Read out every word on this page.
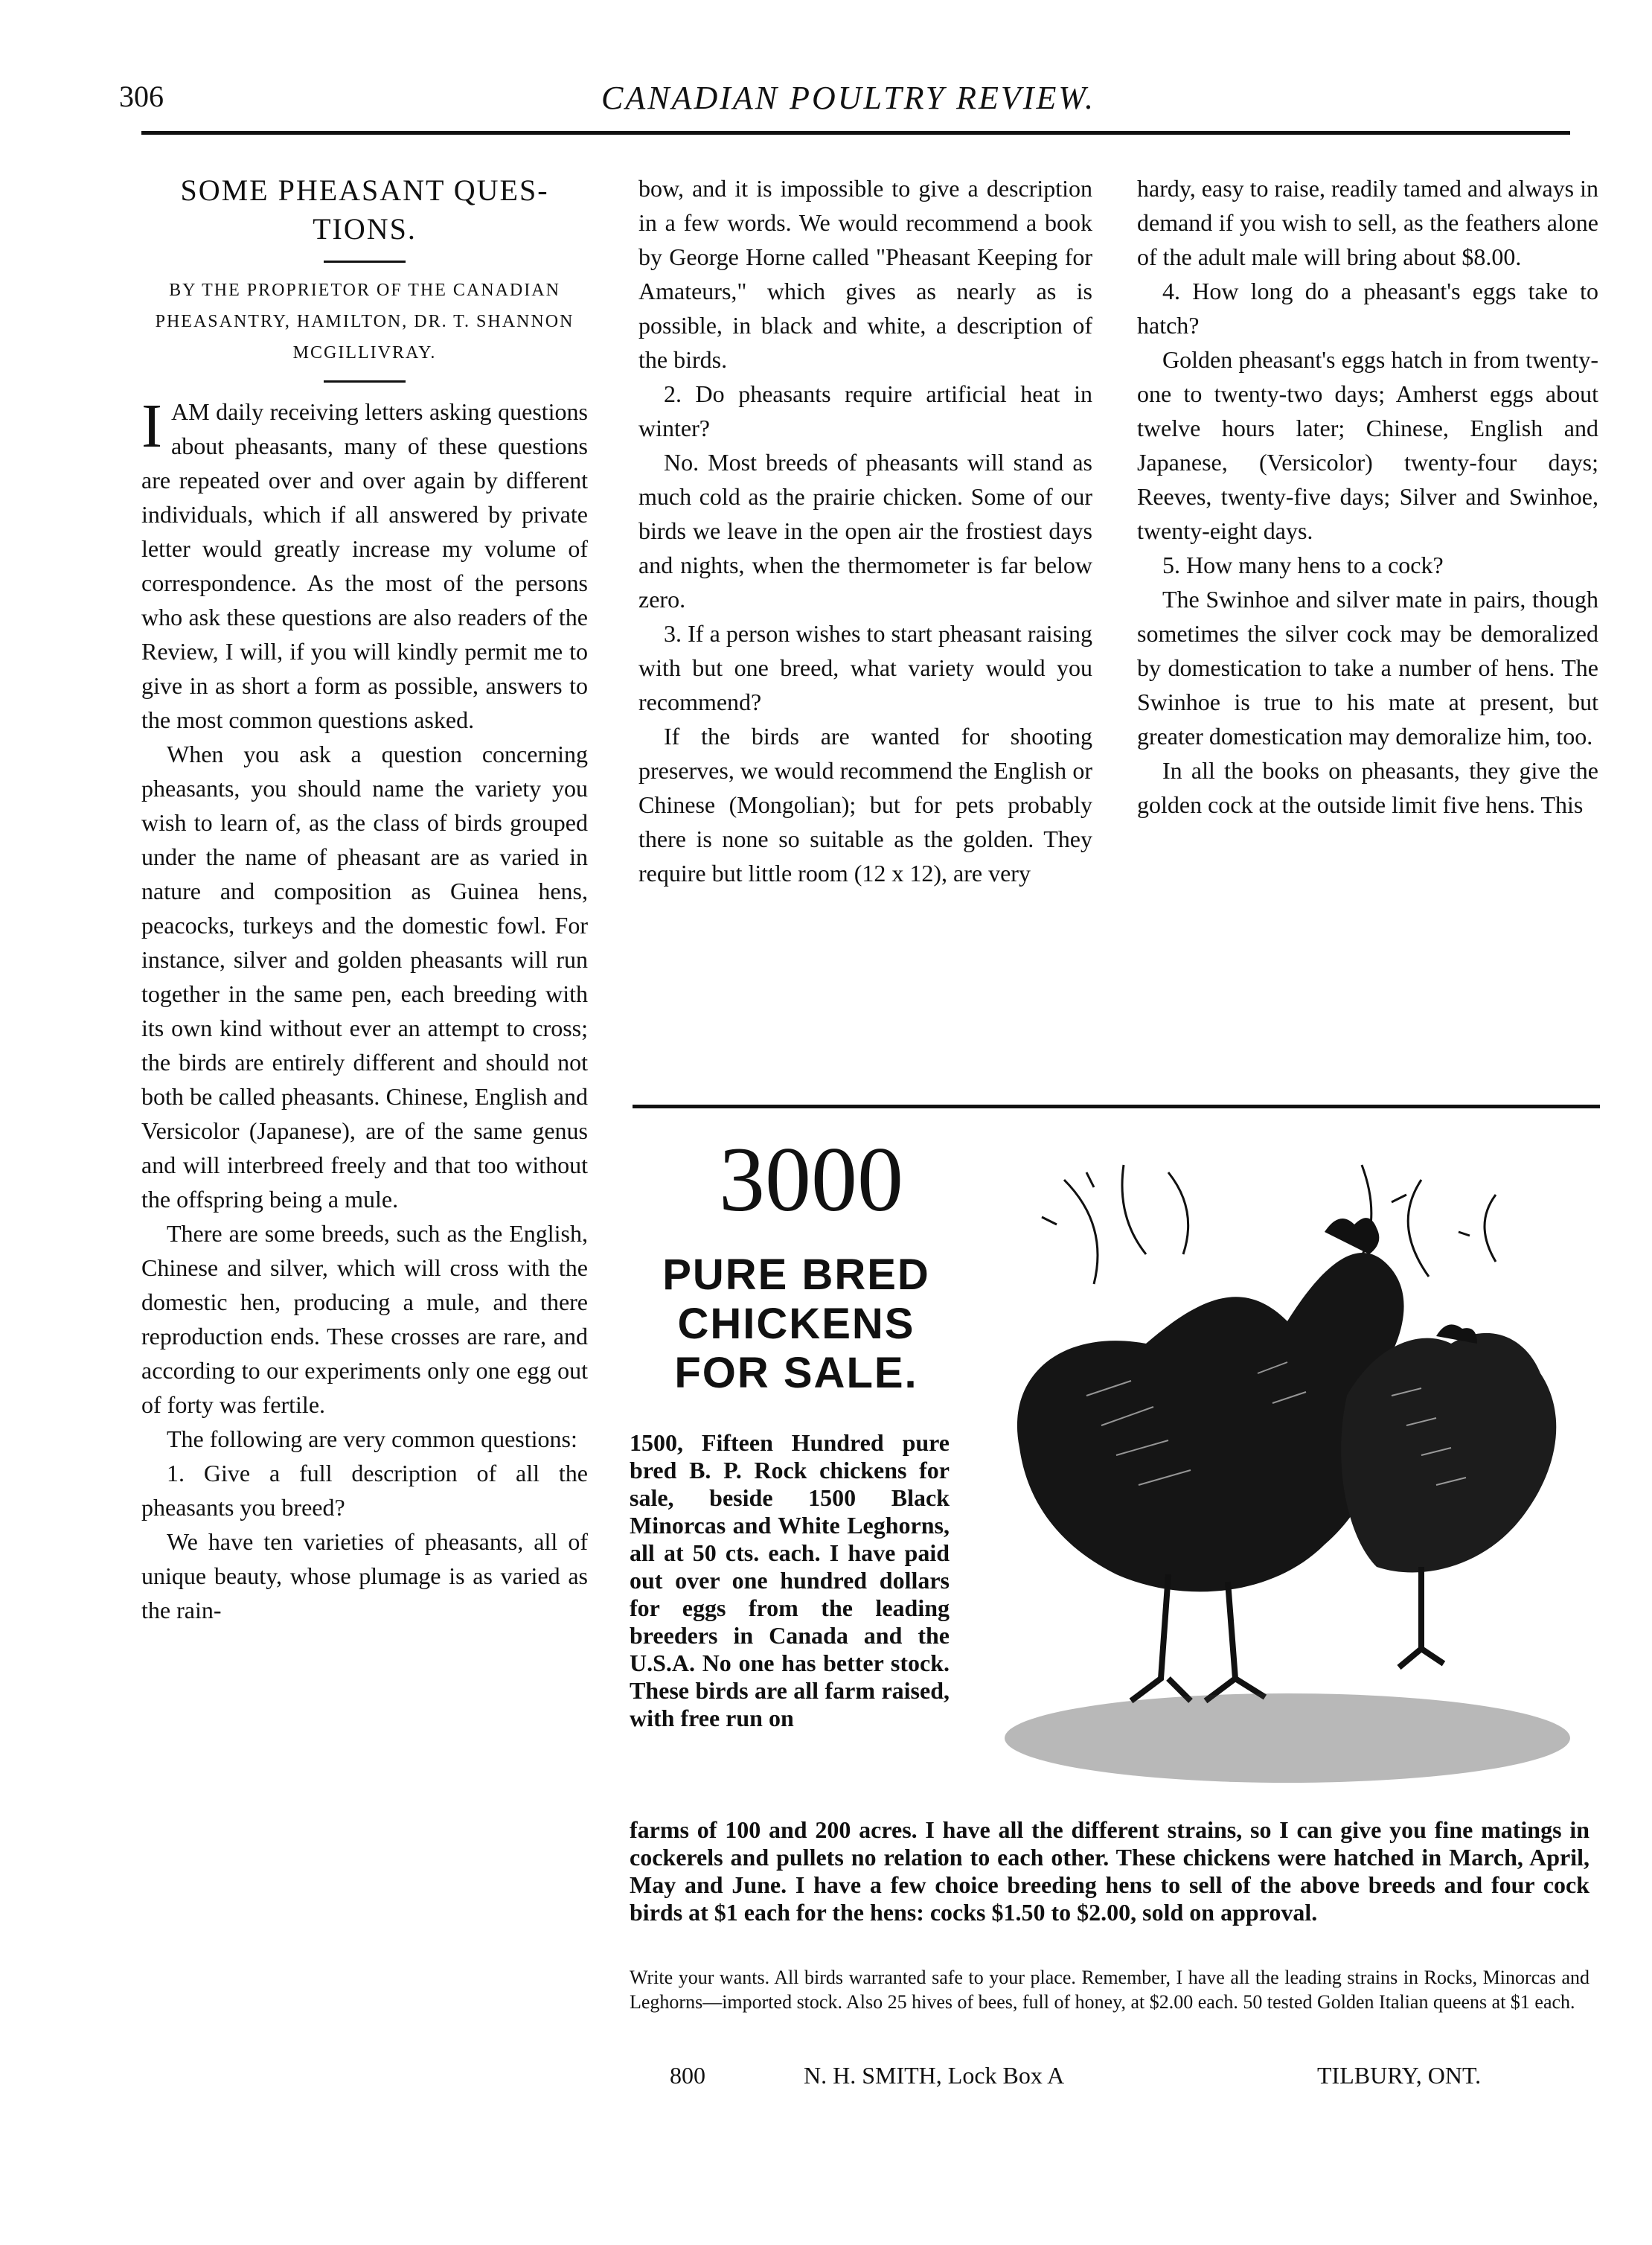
306	CANADIAN POULTRY REVIEW.
SOME PHEASANT QUES-TIONS.
BY THE PROPRIETOR OF THE CANADIAN PHEASANTRY, HAMILTON, DR. T. SHANNON MCGILLIVRAY.

IAM daily receiving letters asking questions about pheasants, many of these questions are repeated over and over again by different individuals, which if all answered by private letter would greatly increase my volume of correspondence. As the most of the persons who ask these questions are also readers of the Review, I will, if you will kindly permit me to give in as short a form as possible, answers to the most common questions asked.

When you ask a question concerning pheasants, you should name the variety you wish to learn of, as the class of birds grouped under the name of pheasant are as varied in nature and composition as Guinea hens, peacocks, turkeys and the domestic fowl. For instance, silver and golden pheasants will run together in the same pen, each breeding with its own kind without ever an attempt to cross; the birds are entirely different and should not both be called pheasants. Chinese, English and Versicolor (Japanese), are of the same genus and will interbreed freely and that too without the offspring being a mule.

There are some breeds, such as the English, Chinese and silver, which will cross with the domestic hen, producing a mule, and there reproduction ends. These crosses are rare, and according to our experiments only one egg out of forty was fertile.

The following are very common questions:

1. Give a full description of all the pheasants you breed?

We have ten varieties of pheasants, all of unique beauty, whose plumage is as varied as the rain-

bow, and it is impossible to give a description in a few words. We would recommend a book by George Horne called "Pheasant Keeping for Amateurs," which gives as nearly as is possible, in black and white, a description of the birds.

2. Do pheasants require artificial heat in winter?

No. Most breeds of pheasants will stand as much cold as the prairie chicken. Some of our birds we leave in the open air the frostiest days and nights, when the thermometer is far below zero.

3. If a person wishes to start pheasant raising with but one breed, what variety would you recommend?

If the birds are wanted for shooting preserves, we would recommend the English or Chinese (Mongolian); but for pets probably there is none so suitable as the golden. They require but little room (12 x 12), are very

hardy, easy to raise, readily tamed and always in demand if you wish to sell, as the feathers alone of the adult male will bring about $8.00.

4. How long do a pheasant's eggs take to hatch?

Golden pheasant's eggs hatch in from twenty-one to twenty-two days; Amherst eggs about twelve hours later; Chinese, English and Japanese, (Versicolor) twenty-four days; Reeves, twenty-five days; Silver and Swinhoe, twenty-eight days.

5. How many hens to a cock?

The Swinhoe and silver mate in pairs, though sometimes the silver cock may be demoralized by domestication to take a number of hens. The Swinhoe is true to his mate at present, but greater domestication may demoralize him, too.

In all the books on pheasants, they give the golden cock at the outside limit five hens. This

3000
PURE BRED
CHICKENS
FOR SALE.
1500, Fifteen Hundred pure bred B. P. Rock chickens for sale, beside 1500 Black Minorcas and White Leghorns, all at 50 cts. each. I have paid out over one hundred dollars for eggs from the leading breeders in Canada and the U.S.A. No one has better stock. These birds are all farm raised, with free run on
farms of 100 and 200 acres. I have all the different strains, so I can give you fine matings in cockerels and pullets no relation to each other. These chickens were hatched in March, April, May and June. I have a few choice breeding hens to sell of the above breeds and four cock birds at $1 each for the hens: cocks $1.50 to $2.00, sold on approval.
Write your wants. All birds warranted safe to your place. Remember, I have all the leading strains in Rocks, Minorcas and Leghorns—imported stock. Also 25 hives of bees, full of honey, at $2.00 each. 50 tested Golden Italian queens at $1 each.
800	N. H. SMITH, Lock Box A	TILBURY, ONT.
